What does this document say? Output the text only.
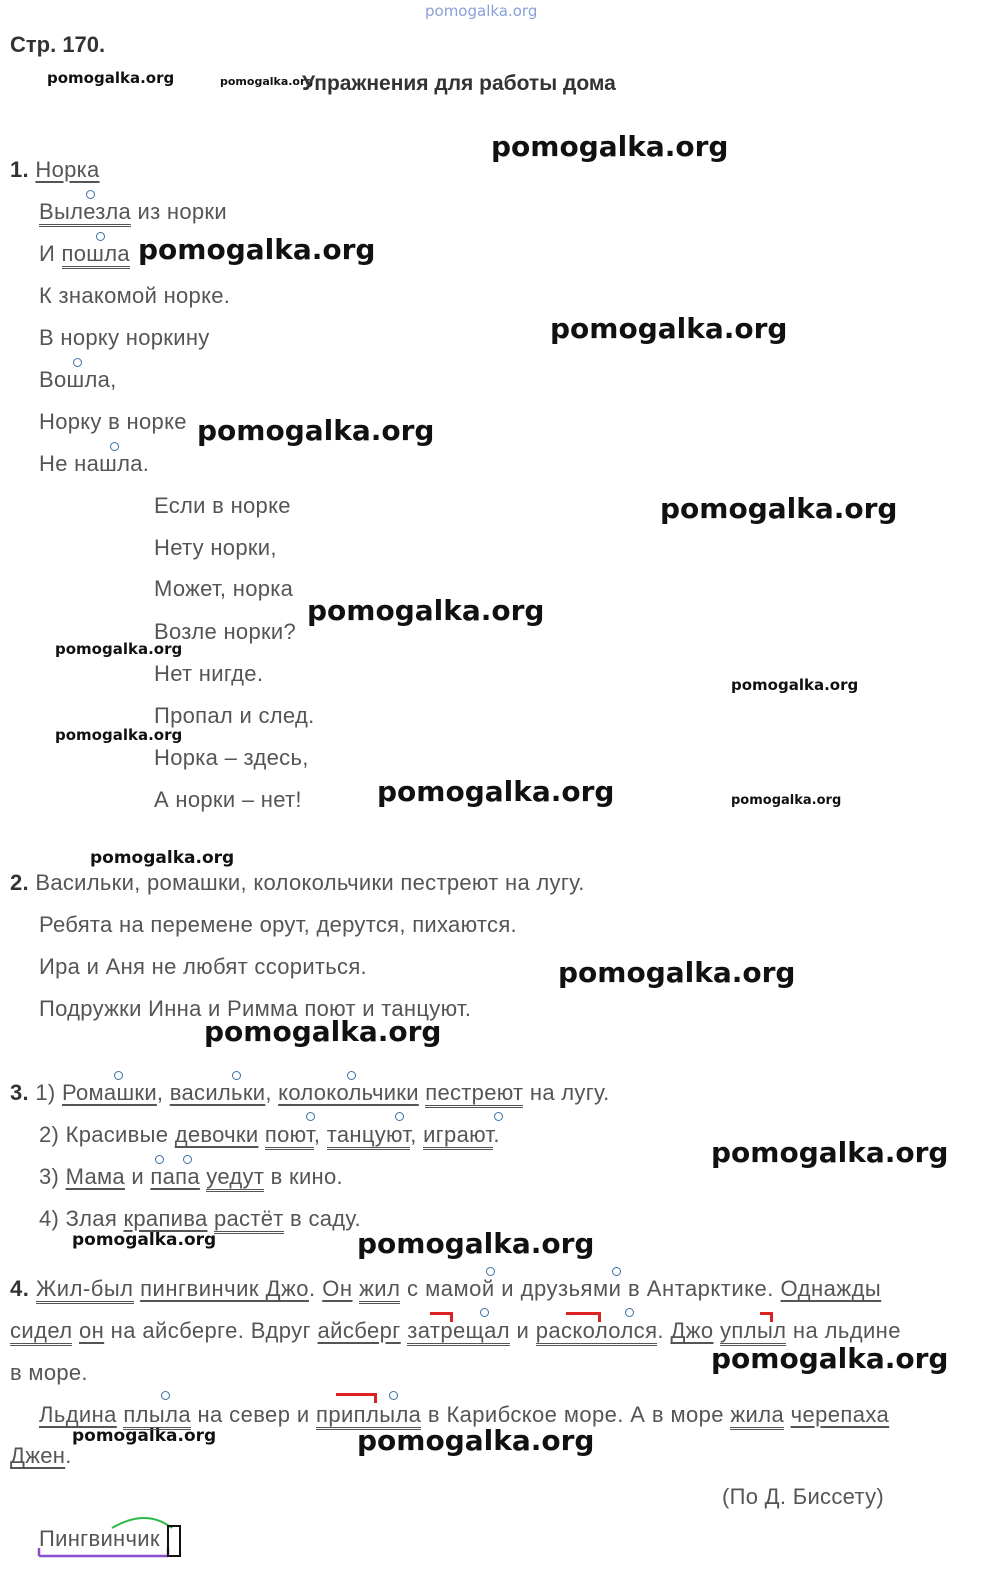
pomogalka.org
Стр. 170.
pomogalka.org	pomogalka.org
Упражнения для работы дома
pomogalka.org
pomogalka.org
pomogalka.org
pomogalka.org
pomogalka.org
pomogalka.org
pomogalka.org
pomogalka.org
pomogalka.org
pomogalka.org	pomogalka.org
pomogalka.org
pomogalka.org
pomogalka.org
pomogalka.org
pomogalka.org	pomogalka.org
pomogalka.org
pomogalka.org	pomogalka.org
1. Норка
Вылезла из норки
И пошла
К знакомой норке.
В норку норкину
Вошла,
Норку в норке
Не нашла.
Если в норке
Нету норки,
Может, норка
Возле норки?
Нет нигде.
Пропал и след.
Норка – здесь,
А норки – нет!
2. Васильки, ромашки, колокольчики пестреют на лугу.
Ребята на перемене орут, дерутся, пихаются.
Ира и Аня не любят ссориться.
Подружки Инна и Римма поют и танцуют.
3. 1) Ромашки, васильки, колокольчики пестреют на лугу.
2) Красивые девочки поют, танцуют, играют.
3) Мама и папа уедут в кино.
4) Злая крапива растёт в саду.
4. Жил-был пингвинчик Джо. Он жил с мамой и друзьями в Антарктике. Однажды
сидел он на айсберге. Вдруг айсберг затрещал и раскололся. Джо уплыл на льдине
в море.
Льдина плыла на север и приплыла в Карибское море. А в море жила черепаха
Джен.
(По Д. Биссету)
Пингвинчик
